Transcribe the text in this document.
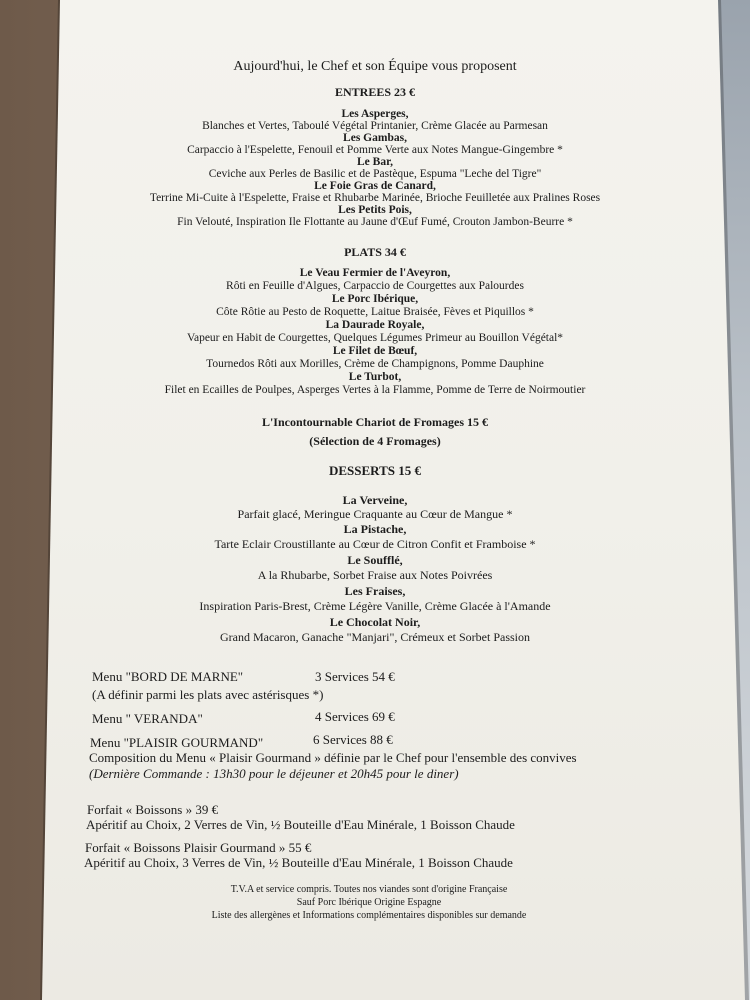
Aujourd'hui, le Chef et son Équipe vous proposent
ENTREES 23 €
Les Asperges,
Blanches et Vertes, Taboulé Végétal Printanier, Crème Glacée au Parmesan
Les Gambas,
Carpaccio à l'Espelette, Fenouil et Pomme Verte aux Notes Mangue-Gingembre *
Le Bar,
Ceviche aux Perles de Basilic et de Pastèque, Espuma "Leche del Tigre"
Le Foie Gras de Canard,
Terrine Mi-Cuite à l'Espelette, Fraise et Rhubarbe Marinée, Brioche Feuilletée aux Pralines Roses
Les Petits Pois,
Fin Velouté, Inspiration Ile Flottante au Jaune d'Œuf Fumé, Crouton Jambon-Beurre *
PLATS 34 €
Le Veau Fermier de l'Aveyron,
Rôti en Feuille d'Algues, Carpaccio de Courgettes aux Palourdes
Le Porc Ibérique,
Côte Rôtie au Pesto de Roquette, Laitue Braisée, Fèves et Piquillos *
La Daurade Royale,
Vapeur en Habit de Courgettes, Quelques Légumes Primeur au Bouillon Végétal*
Le Filet de Bœuf,
Tournedos Rôti aux Morilles, Crème de Champignons, Pomme Dauphine
Le Turbot,
Filet en Ecailles de Poulpes, Asperges Vertes à la Flamme, Pomme de Terre de Noirmoutier
L'Incontournable Chariot de Fromages 15 €
(Sélection de 4 Fromages)
DESSERTS 15 €
La Verveine,
Parfait glacé, Meringue Craquante au Cœur de Mangue *
La Pistache,
Tarte Eclair Croustillante au Cœur de Citron Confit et Framboise *
Le Soufflé,
A la Rhubarbe, Sorbet Fraise aux Notes Poivrées
Les Fraises,
Inspiration Paris-Brest, Crème Légère Vanille, Crème Glacée à l'Amande
Le Chocolat Noir,
Grand Macaron, Ganache "Manjari", Crémeux et Sorbet Passion
Menu "BORD DE MARNE"	3 Services 54 €
(A définir parmi les plats avec astérisques *)
Menu " VERANDA"	4 Services 69 €
Menu "PLAISIR GOURMAND"	6 Services 88 €
Composition du Menu « Plaisir Gourmand » définie par le Chef pour l'ensemble des convives
(Dernière Commande : 13h30 pour le déjeuner et 20h45 pour le diner)
Forfait « Boissons » 39 €
Apéritif au Choix, 2 Verres de Vin, ½ Bouteille d'Eau Minérale, 1 Boisson Chaude
Forfait « Boissons Plaisir Gourmand » 55 €
Apéritif au Choix, 3 Verres de Vin, ½ Bouteille d'Eau Minérale, 1 Boisson Chaude
T.V.A et service compris. Toutes nos viandes sont d'origine Française
Sauf Porc Ibérique Origine Espagne
Liste des allergènes et Informations complémentaires disponibles sur demande
